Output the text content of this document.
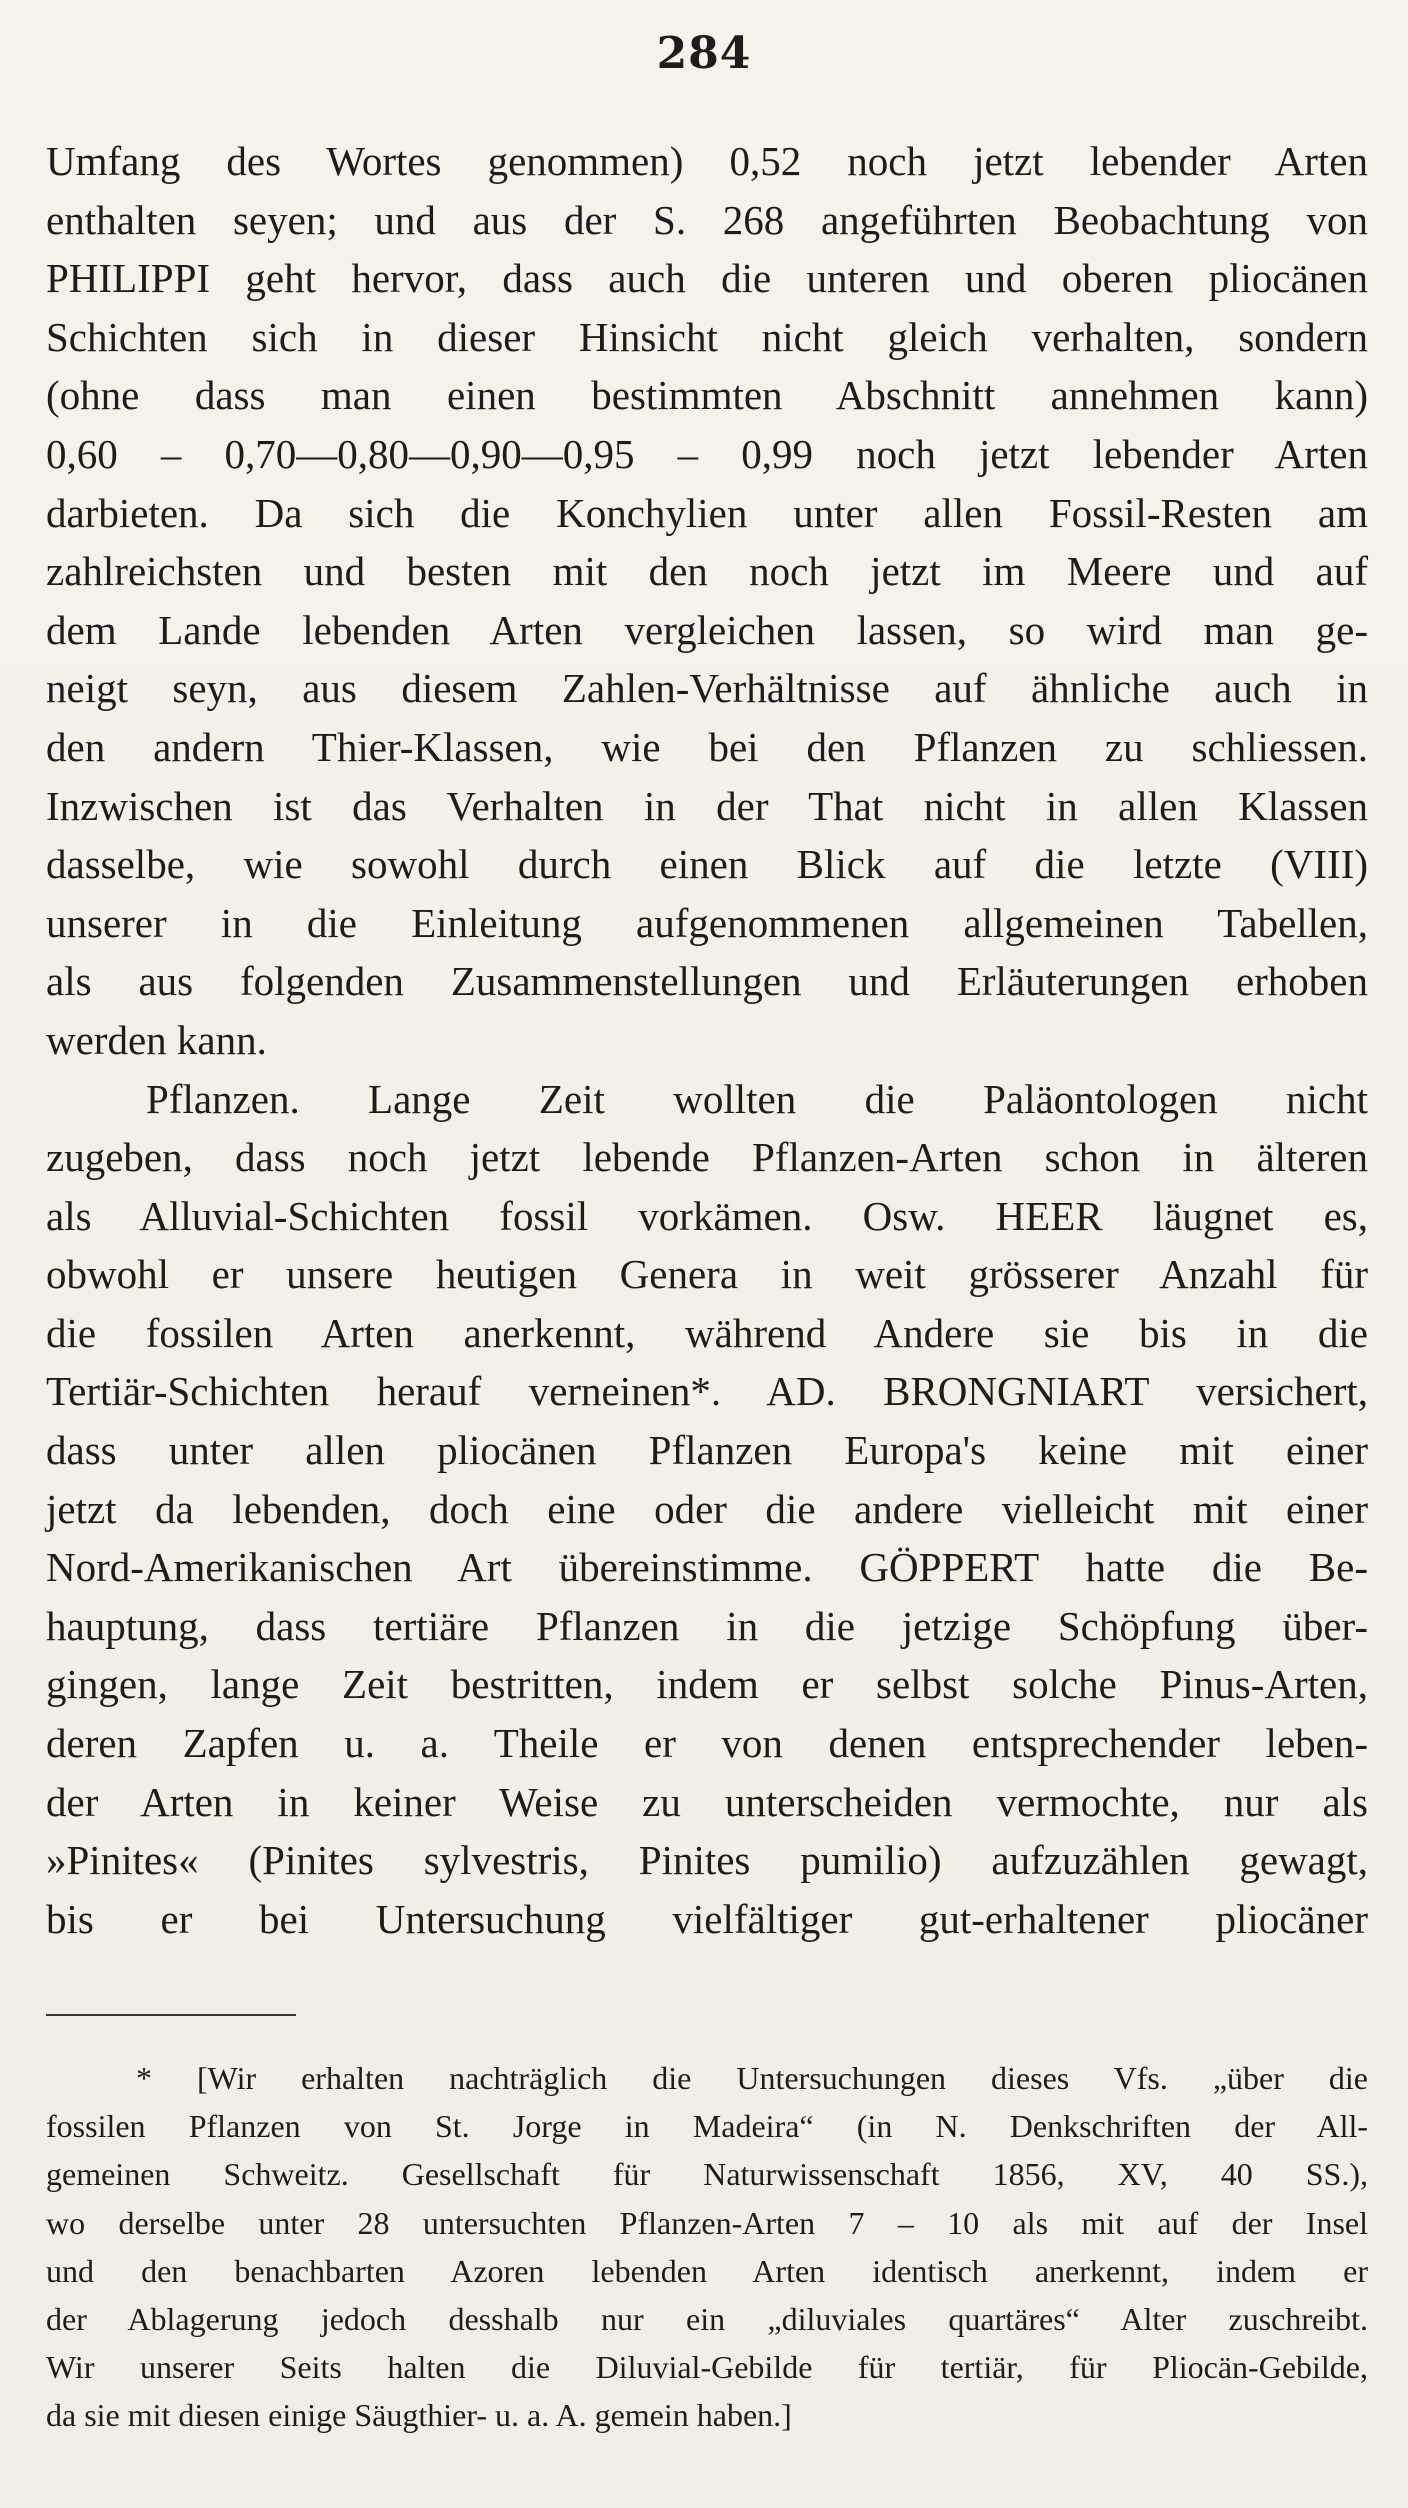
284
Umfang des Wortes genommen) 0,52 noch jetzt lebender Arten
enthalten seyen; und aus der S. 268 angeführten Beobachtung von
PHILIPPI geht hervor, dass auch die unteren und oberen pliocänen
Schichten sich in dieser Hinsicht nicht gleich verhalten, sondern
(ohne dass man einen bestimmten Abschnitt annehmen kann)
0,60 – 0,70—0,80—0,90—0,95 – 0,99 noch jetzt lebender Arten
darbieten. Da sich die Konchylien unter allen Fossil-Resten am
zahlreichsten und besten mit den noch jetzt im Meere und auf
dem Lande lebenden Arten vergleichen lassen, so wird man ge-
neigt seyn, aus diesem Zahlen-Verhältnisse auf ähnliche auch in
den andern Thier-Klassen, wie bei den Pflanzen zu schliessen.
Inzwischen ist das Verhalten in der That nicht in allen Klassen
dasselbe, wie sowohl durch einen Blick auf die letzte (VIII)
unserer in die Einleitung aufgenommenen allgemeinen Tabellen,
als aus folgenden Zusammenstellungen und Erläuterungen erhoben
werden kann.
Pflanzen. Lange Zeit wollten die Paläontologen nicht
zugeben, dass noch jetzt lebende Pflanzen-Arten schon in älteren
als Alluvial-Schichten fossil vorkämen. Osw. HEER läugnet es,
obwohl er unsere heutigen Genera in weit grösserer Anzahl für
die fossilen Arten anerkennt, während Andere sie bis in die
Tertiär-Schichten herauf verneinen*. AD. BRONGNIART versichert,
dass unter allen pliocänen Pflanzen Europa's keine mit einer
jetzt da lebenden, doch eine oder die andere vielleicht mit einer
Nord-Amerikanischen Art übereinstimme. GÖPPERT hatte die Be-
hauptung, dass tertiäre Pflanzen in die jetzige Schöpfung über-
gingen, lange Zeit bestritten, indem er selbst solche Pinus-Arten,
deren Zapfen u. a. Theile er von denen entsprechender leben-
der Arten in keiner Weise zu unterscheiden vermochte, nur als
»Pinites« (Pinites sylvestris, Pinites pumilio) aufzuzählen gewagt,
bis er bei Untersuchung vielfältiger gut-erhaltener pliocäner
* [Wir erhalten nachträglich die Untersuchungen dieses Vfs. „über die
fossilen Pflanzen von St. Jorge in Madeira“ (in N. Denkschriften der All-
gemeinen Schweitz. Gesellschaft für Naturwissenschaft 1856, XV, 40 SS.),
wo derselbe unter 28 untersuchten Pflanzen-Arten 7 – 10 als mit auf der Insel
und den benachbarten Azoren lebenden Arten identisch anerkennt, indem er
der Ablagerung jedoch desshalb nur ein „diluviales quartäres“ Alter zuschreibt.
Wir unserer Seits halten die Diluvial-Gebilde für tertiär, für Pliocän-Gebilde,
da sie mit diesen einige Säugthier- u. a. A. gemein haben.]
